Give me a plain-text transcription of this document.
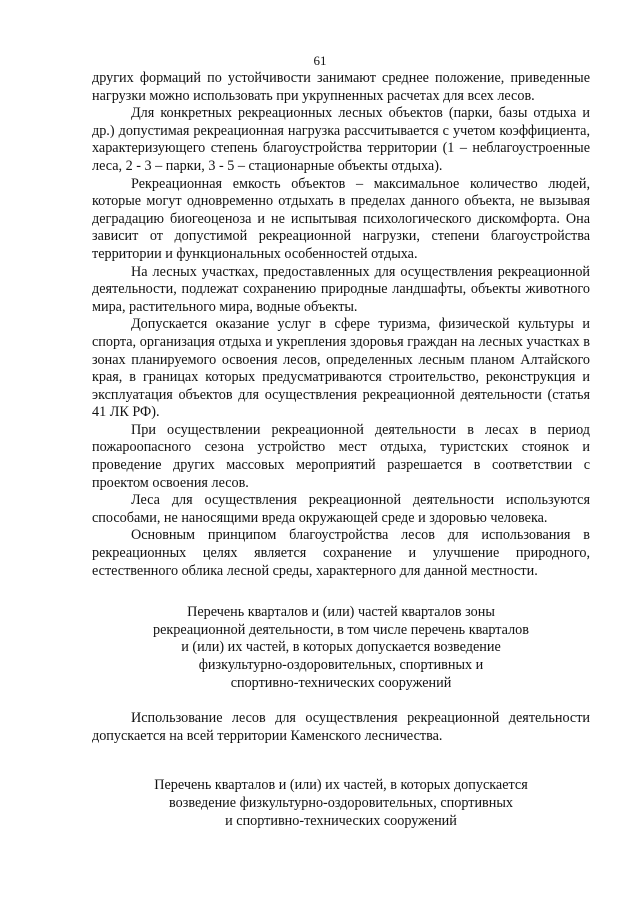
61

других формаций по устойчивости занимают среднее положение, приведенные нагрузки можно использовать при укрупненных расчетах для всех лесов.

Для конкретных рекреационных лесных объектов (парки, базы отдыха и др.) допустимая рекреационная нагрузка рассчитывается с учетом коэффициента, характеризующего степень благоустройства территории (1 – неблагоустроенные леса, 2 - 3 – парки, 3 - 5 – стационарные объекты отдыха).

Рекреационная емкость объектов – максимальное количество людей, которые могут одновременно отдыхать в пределах данного объекта, не вызывая деградацию биогеоценоза и не испытывая психологического дискомфорта. Она зависит от допустимой рекреационной нагрузки, степени благоустройства территории и функциональных особенностей отдыха.

На лесных участках, предоставленных для осуществления рекреационной деятельности, подлежат сохранению природные ландшафты, объекты животного мира, растительного мира, водные объекты.

Допускается оказание услуг в сфере туризма, физической культуры и спорта, организация отдыха и укрепления здоровья граждан на лесных участках в зонах планируемого освоения лесов, определенных лесным планом Алтайского края, в границах которых предусматриваются строительство, реконструкция и эксплуатация объектов для осуществления рекреационной деятельности (статья 41 ЛК РФ).

При осуществлении рекреационной деятельности в лесах в период пожароопасного сезона устройство мест отдыха, туристских стоянок и проведение других массовых мероприятий разрешается в соответствии с проектом освоения лесов.

Леса для осуществления рекреационной деятельности используются способами, не наносящими вреда окружающей среде и здоровью человека.

Основным принципом благоустройства лесов для использования в рекреационных целях является сохранение и улучшение природного, естественного облика лесной среды, характерного для данной местности.

Перечень кварталов и (или) частей кварталов зоны
рекреационной деятельности, в том числе перечень кварталов
и (или) их частей, в которых допускается возведение
физкультурно-оздоровительных, спортивных и
спортивно-технических сооружений

Использование лесов для осуществления рекреационной деятельности допускается на всей территории Каменского лесничества.

Перечень кварталов и (или) их частей, в которых допускается
возведение физкультурно-оздоровительных, спортивных
и спортивно-технических сооружений
